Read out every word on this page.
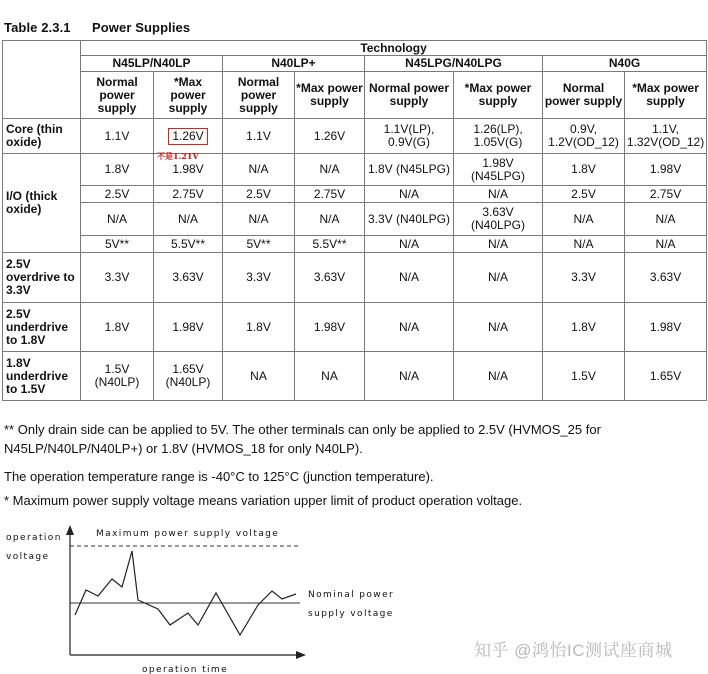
Table 2.3.1 Power Supplies
	Technology							
	N45LP/N40LP		N40LP+		N45LPG/N40LPG		N40G	
	Normal power supply	*Max power supply	Normal power supply	*Max power supply	Normal power supply	*Max power supply	Normal power supply	*Max power supply
Core (thin oxide)	1.1V	1.26V	1.1V	1.26V	1.1V(LP), 0.9V(G)	1.26(LP), 1.05V(G)	0.9V, 1.2V(OD_12)	1.1V, 1.32V(OD_12)
I/O (thick oxide)	1.8V	1.98V	N/A	N/A	1.8V (N45LPG)	1.98V (N45LPG)	1.8V	1.98V
	2.5V	2.75V	2.5V	2.75V	N/A	N/A	2.5V	2.75V
	N/A	N/A	N/A	N/A	3.3V (N40LPG)	3.63V (N40LPG)	N/A	N/A
	5V**	5.5V**	5V**	5.5V**	N/A	N/A	N/A	N/A
2.5V overdrive to 3.3V	3.3V	3.63V	3.3V	3.63V	N/A	N/A	3.3V	3.63V
2.5V underdrive to 1.8V	1.8V	1.98V	1.8V	1.98V	N/A	N/A	1.8V	1.98V
1.8V underdrive to 1.5V	1.5V (N40LP)	1.65V (N40LP)	NA	NA	N/A	N/A	1.5V	1.65V
不是1.21V
** Only drain side can be applied to 5V. The other terminals can only be applied to 2.5V (HVMOS_25 for N45LP/N40LP/N40LP+) or 1.8V (HVMOS_18 for only N40LP).
The operation temperature range is -40°C to 125°C (junction temperature).
* Maximum power supply voltage means variation upper limit of product operation voltage.
operation
voltage
Maximum power supply voltage
Nominal power
supply voltage
operation time
知乎 @鸿怡IC测试座商城
